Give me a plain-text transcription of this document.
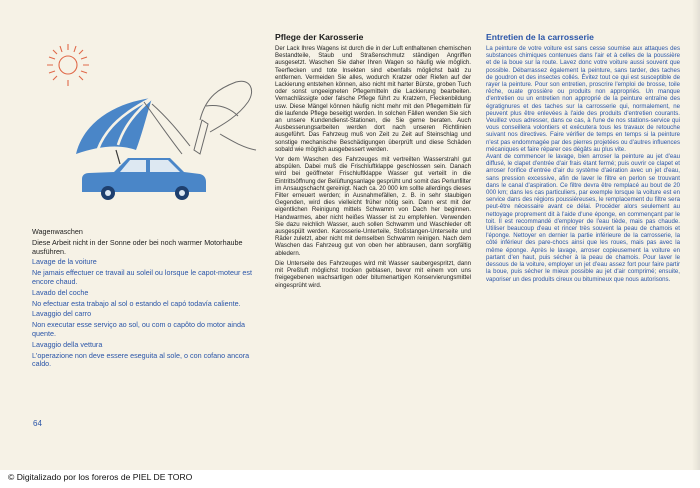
Wagenwaschen

Diese Arbeit nicht in der Sonne oder bei noch warmer Motorhaube ausführen.

Lavage de la voiture

Ne jamais effectuer ce travail au soleil ou lorsque le capot-moteur est encore chaud.

Lavado del coche

No efectuar esta trabajo al sol o estando el capó todavía caliente.

Lavaggio del carro

Non executar esse serviço ao sol, ou com o capôto do motor ainda quente.

Lavaggio della vettura

L'operazione non deve essere eseguita al sole, o con cofano ancora caldo.

Pflege der Karosserie

Der Lack Ihres Wagens ist durch die in der Luft enthaltenen chemischen Bestandteile, Staub und Straßenschmutz ständigen Angriffen ausgesetzt. Waschen Sie daher Ihren Wagen so häufig wie möglich. Teerflecken und tote Insekten sind ebenfalls möglichst bald zu entfernen. Vermeiden Sie alles, wodurch Kratzer oder Riefen auf der Lackierung entstehen können, also nicht mit harter Bürste, groben Tuch oder sonst ungeeigneten Pflegemitteln die Lackierung bearbeiten. Vernachlässigte oder falsche Pflege führt zu Kratzern, Fleckenbildung usw. Diese Mängel können häufig nicht mehr mit den Pflegemitteln für die laufende Pflege beseitigt werden. In solchen Fällen wenden Sie sich an unsere Kundendienst-Stationen, die Sie gerne beraten. Auch Ausbesserungsarbeiten werden dort nach unseren Richtlinien ausgeführt. Das Fahrzeug muß von Zeit zu Zeit auf Steinschlag und sonstige mechanische Beschädigungen überprüft und diese Schäden sobald wie möglich ausgebessert werden.

Vor dem Waschen des Fahrzeuges mit vertreilten Wasserstrahl gut abspülen. Dabei muß die Frischluftklappe geschlossen sein. Danach wird bei geöffneter Frischluftklappe Wasser gut verteilt in die Eintrittsöffnung der Belüftungsanlage gesprüht und somit das Perlunfilter im Ansaugschacht gereinigt. Nach ca. 20 000 km sollte allerdings dieses Filter erneuert werden; in Ausnahmefällen, z. B. in sehr staubigen Gegenden, wird dies vielleicht früher nötig sein. Dann erst mit der eigentlichen Reinigung mittels Schwamm von Dach her beginnen. Handwarmes, aber nicht heißes Wasser ist zu empfehlen. Verwenden Sie dazu reichlich Wasser, auch sollen Schwamm und Waschleder oft ausgespült werden. Karosserie-Unterteile, Stoßstangen-Unterseite und Räder zuletzt, aber nicht mit demselben Schwamm reinigen. Nach dem Waschen das Fahrzeug gut von oben her abbrausen, dann sorgfältig abledern.

Die Unterseite des Fahrzeuges wird mit Wasser saubergespritzt, dann mit Preßluft möglichst trocken geblasen, bevor mit einem von uns freigegebenen wachsartigen oder bitumenartigen Konservierungsmittel eingesprüht wird.

Entretien de la carrosserie

La peinture de votre voiture est sans cesse soumise aux attaques des substances chimiques contenues dans l'air et à celles de la poussière et de la boue sur la route. Lavez donc votre voiture aussi souvent que possible. Débarrassez également la peinture, sans tarder, des taches de goudron et des insectes collés. Évitez tout ce qui est susceptible de rayer la peinture. Pour son entretien, proscrire l'emploi de brosse, toile rêche, ouate grossière ou produits non appropriés. Un manque d'entretien ou un entretien non approprié de la peinture entraîne des égratignures et des taches sur la carrosserie qui, normalement, ne peuvent plus être enlevées à l'aide des produits d'entretien courants. Veuillez vous adresser, dans ce cas, à l'une de nos stations-service qui vous conseillera volontiers et exécutera tous les travaux de retouche suivant nos directives. Faire vérifier de temps en temps si la peinture n'est pas endommagée par des pierres projetées ou d'autres influences mécaniques et faire réparer ces dégâts au plus vite.

Avant de commencer le lavage, bien arroser la peinture au jet d'eau diffusé, le clapet d'entrée d'air frais étant fermé; puis ouvrir ce clapet et arroser l'orifice d'entrée d'air du système d'aération avec un jet d'eau, sans pression excessive, afin de laver le filtre en perlon se trouvant dans le canal d'aspiration. Ce filtre devra être remplacé au bout de 20 000 km; dans les cas particuliers, par exemple lorsque la voiture est en service dans des régions poussiéreuses, le remplacement du filtre sera peut-être nécessaire avant ce délai. Procéder alors seulement au nettoyage proprement dit à l'aide d'une éponge, en commençant par le toit. Il est recommandé d'employer de l'eau tiède, mais pas chaude. Utiliser beaucoup d'eau et rincer très souvent la peau de chamois et l'éponge. Nettoyer en dernier la partie inférieure de la carrosserie, la côté inférieur des pare-chocs ainsi que les roues, mais pas avec la même éponge. Après le lavage, arroser copieusement la voiture en partant d'en haut, puis sécher à la peau de chamois. Pour laver le dessous de la voiture, employer un jet d'eau assez fort pour faire partir la boue, puis sécher le mieux possible au jet d'air comprimé; ensuite, vaporiser un des produits cireux ou bitumineux que nous autorisons.

64
© Digitalizado por los foreros de PIEL DE TORO
